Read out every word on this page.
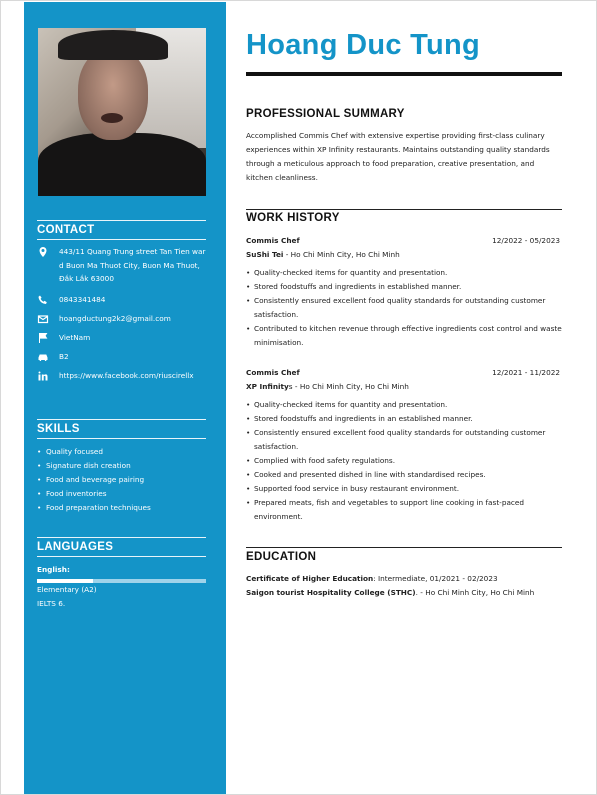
CONTACT
443/11 Quang Trung street Tan Tien ward Buon Ma Thuot City, Buon Ma Thuot, Đắk Lắk 63000
0843341484
hoangductung2k2@gmail.com
VietNam
B2
https://www.facebook.com/riuscirellx
SKILLS
• Quality focused
• Signature dish creation
• Food and beverage pairing
• Food inventories
• Food preparation techniques
LANGUAGES
English:
Elementary (A2)
IELTS 6.
Hoang Duc Tung
PROFESSIONAL SUMMARY
Accomplished Commis Chef with extensive expertise providing first-class culinary experiences within XP Infinity restaurants. Maintains outstanding quality standards through a meticulous approach to food preparation, creative presentation, and kitchen cleanliness.
WORK HISTORY
Commis Chef	12/2022 - 05/2023
SuShi Tei - Ho Chi Minh City, Ho Chi Minh
• Quality-checked items for quantity and presentation.
• Stored foodstuffs and ingredients in established manner.
• Consistently ensured excellent food quality standards for outstanding customer satisfaction.
• Contributed to kitchen revenue through effective ingredients cost control and waste minimisation.
Commis Chef	12/2021 - 11/2022
XP Infinitys - Ho Chi Minh City, Ho Chi Minh
• Quality-checked items for quantity and presentation.
• Stored foodstuffs and ingredients in an established manner.
• Consistently ensured excellent food quality standards for outstanding customer satisfaction.
• Complied with food safety regulations.
• Cooked and presented dished in line with standardised recipes.
• Supported food service in busy restaurant environment.
• Prepared meats, fish and vegetables to support line cooking in fast-paced environment.
EDUCATION
Certificate of Higher Education: Intermediate, 01/2021 - 02/2023
Saigon tourist Hospitality College (STHC). - Ho Chi Minh City, Ho Chi Minh
